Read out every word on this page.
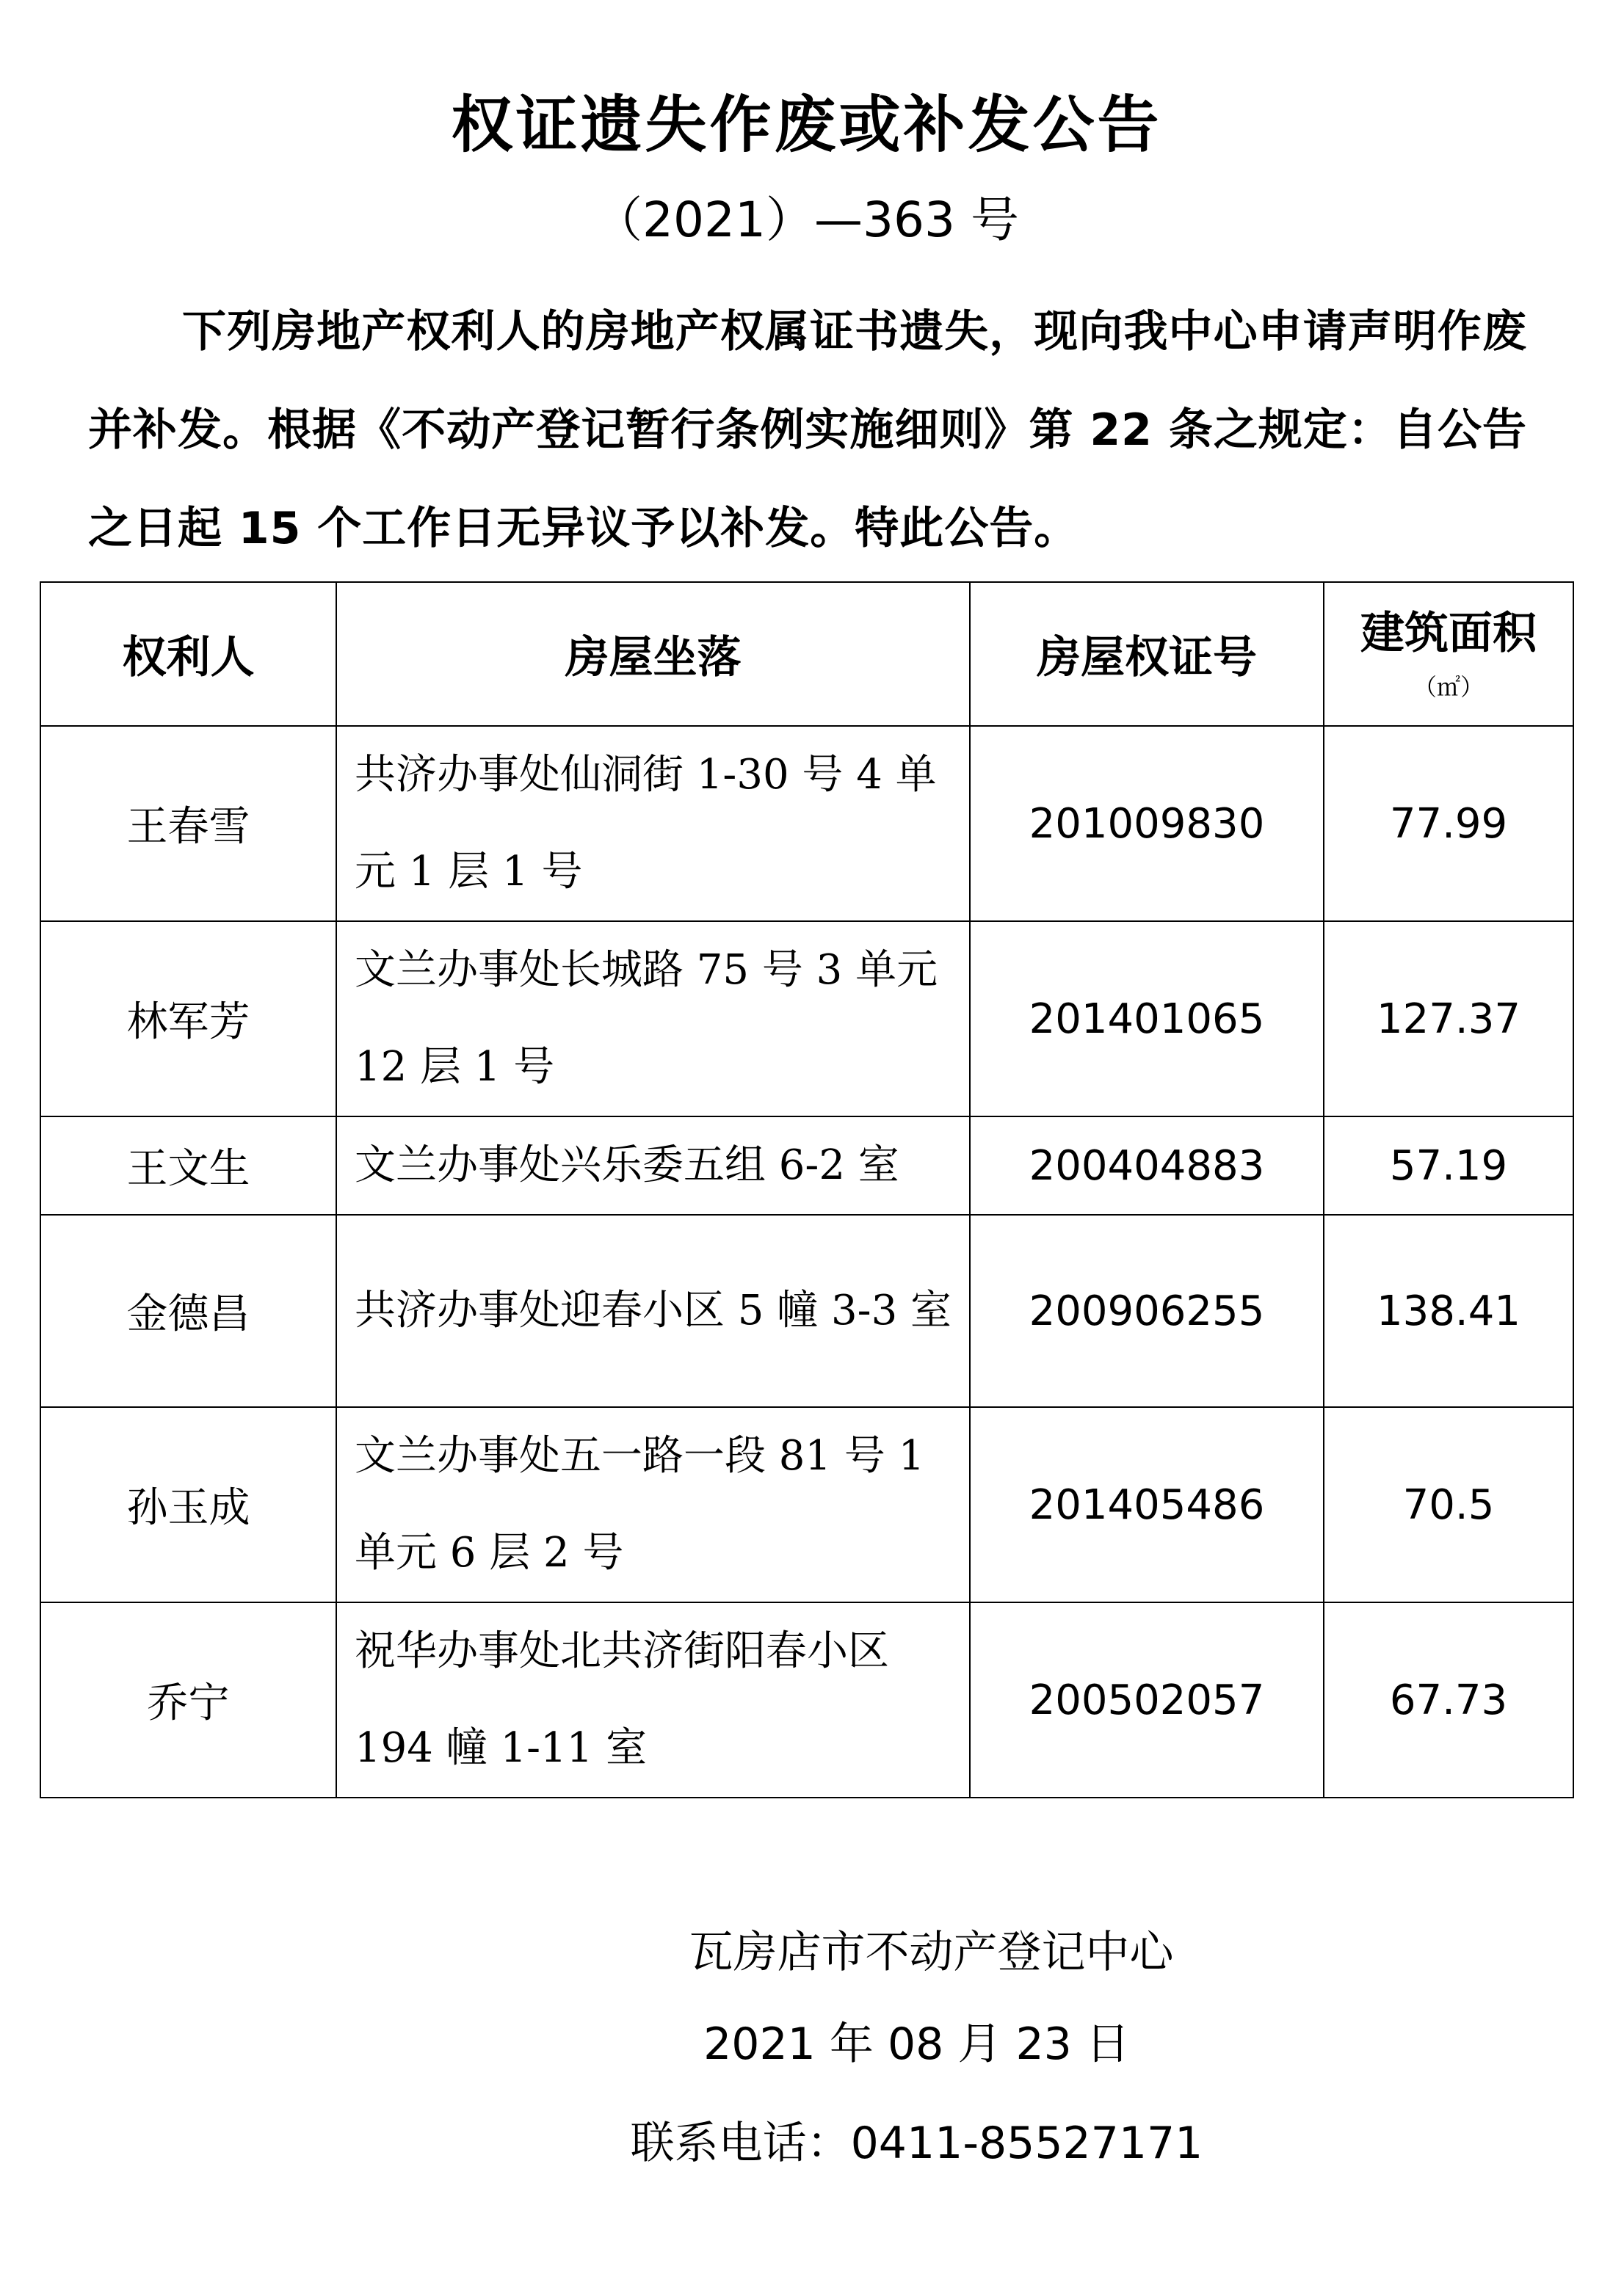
权证遗失作废或补发公告
（2021）—363 号
下列房地产权利人的房地产权属证书遗失，现向我中心申请声明作废并补发。根据《不动产登记暂行条例实施细则》第 22 条之规定：自公告之日起 15 个工作日无异议予以补发。特此公告。
权利人	房屋坐落	房屋权证号	建筑面积
（㎡）

王春雪	共济办事处仙洞街 1-30 号 4 单元 1 层 1 号	201009830	77.99
林军芳	文兰办事处长城路 75 号 3 单元 12 层 1 号	201401065	127.37
王文生	文兰办事处兴乐委五组 6-2 室	200404883	57.19
金德昌	共济办事处迎春小区 5 幢 3-3 室	200906255	138.41
孙玉成	文兰办事处五一路一段 81 号 1 单元 6 层 2 号	201405486	70.5
乔宁	祝华办事处北共济街阳春小区 194 幢 1-11 室	200502057	67.73
瓦房店市不动产登记中心
2021 年 08 月 23 日
联系电话：0411-85527171
